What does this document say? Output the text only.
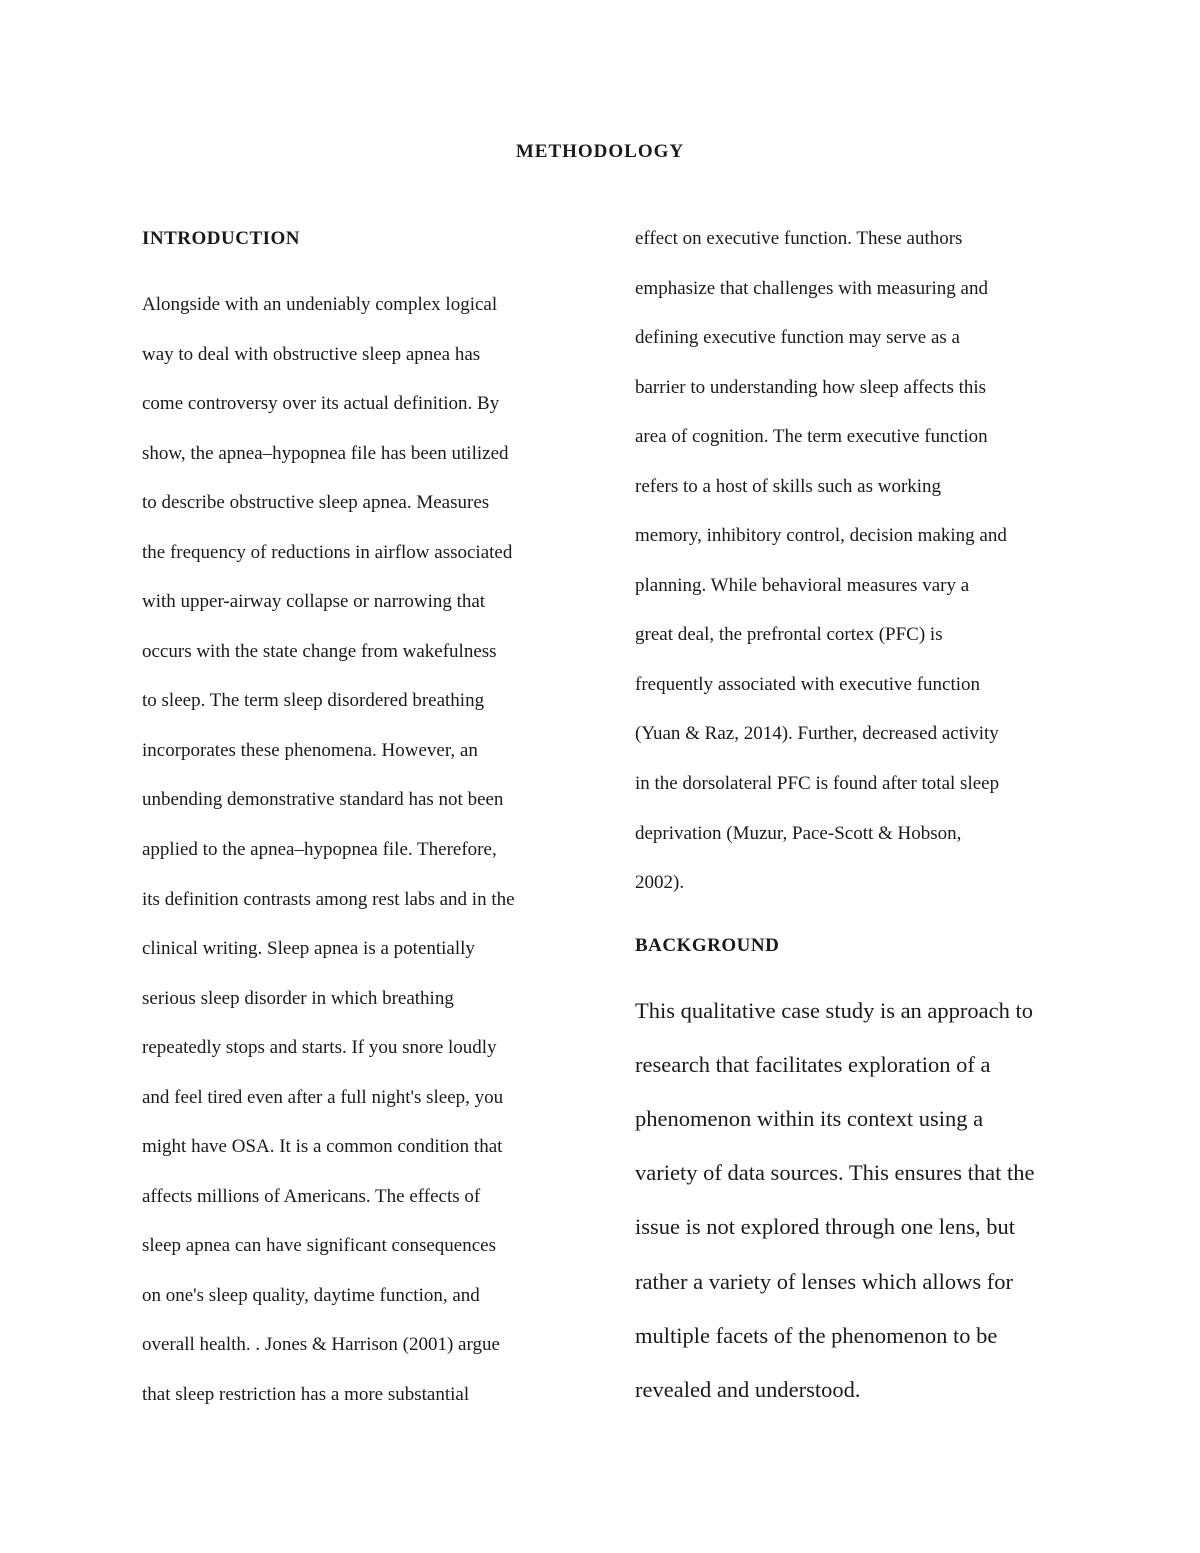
METHODOLOGY
INTRODUCTION
Alongside with an undeniably complex logical
way to deal with obstructive sleep apnea has
come controversy over its actual definition. By
show, the apnea–hypopnea file has been utilized
to describe obstructive sleep apnea. Measures
the frequency of reductions in airflow associated
with upper-airway collapse or narrowing that
occurs with the state change from wakefulness
to sleep. The term sleep disordered breathing
incorporates these phenomena. However, an
unbending demonstrative standard has not been
applied to the apnea–hypopnea file. Therefore,
its definition contrasts among rest labs and in the
clinical writing. Sleep apnea is a potentially
serious sleep disorder in which breathing
repeatedly stops and starts. If you snore loudly
and feel tired even after a full night's sleep, you
might have OSA. It is a common condition that
affects millions of Americans. The effects of
sleep apnea can have significant consequences
on one's sleep quality, daytime function, and
overall health. . Jones & Harrison (2001) argue
that sleep restriction has a more substantial
effect on executive function. These authors
emphasize that challenges with measuring and
defining executive function may serve as a
barrier to understanding how sleep affects this
area of cognition. The term executive function
refers to a host of skills such as working
memory, inhibitory control, decision making and
planning. While behavioral measures vary a
great deal, the prefrontal cortex (PFC) is
frequently associated with executive function
(Yuan & Raz, 2014). Further, decreased activity
in the dorsolateral PFC is found after total sleep
deprivation (Muzur, Pace-Scott & Hobson,
2002).
BACKGROUND
This qualitative case study is an approach to
research that facilitates exploration of a
phenomenon within its context using a
variety of data sources. This ensures that the
issue is not explored through one lens, but
rather a variety of lenses which allows for
multiple facets of the phenomenon to be
revealed and understood.
